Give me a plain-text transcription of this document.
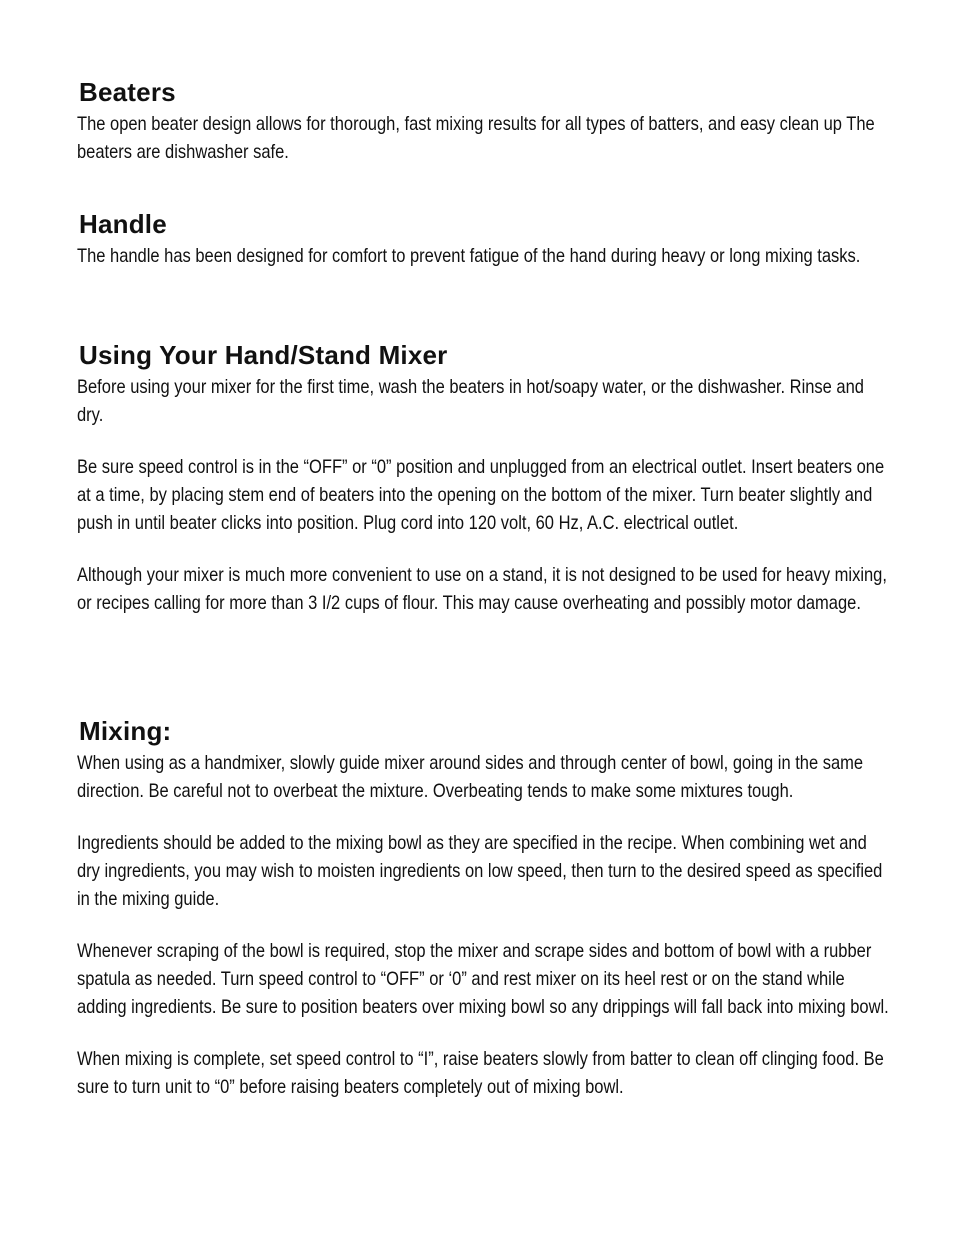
Beaters

The open beater design allows for thorough, fast mixing results for all types of batters, and easy clean up The beaters are dishwasher safe.

Handle

The handle has been designed for comfort to prevent fatigue of the hand during heavy or long mixing tasks.

Using Your Hand/Stand Mixer

Before using your mixer for the first time, wash the beaters in hot/soapy water, or the dishwasher. Rinse and dry.

Be sure speed control is in the “OFF” or “0” position and unplugged from an electrical outlet. Insert beaters one at a time, by placing stem end of beaters into the opening on the bottom of the mixer. Turn beater slightly and push in until beater clicks into position. Plug cord into 120 volt, 60 Hz, A.C. electrical outlet.

Although your mixer is much more convenient to use on a stand, it is not designed to be used for heavy mixing, or recipes calling for more than 3 I/2 cups of flour. This may cause overheating and possibly motor damage.

Mixing:

When using as a handmixer, slowly guide mixer around sides and through center of bowl, going in the same direction. Be careful not to overbeat the mixture. Overbeating tends to make some mixtures tough.

Ingredients should be added to the mixing bowl as they are specified in the recipe. When combining wet and dry ingredients, you may wish to moisten ingredients on low speed, then turn to the desired speed as specified in the mixing guide.

Whenever scraping of the bowl is required, stop the mixer and scrape sides and bottom of bowl with a rubber spatula as needed. Turn speed control to “OFF” or ‘0” and rest mixer on its heel rest or on the stand while adding ingredients. Be sure to position beaters over mixing bowl so any drippings will fall back into mixing bowl.

When mixing is complete, set speed control to “I”, raise beaters slowly from batter to clean off clinging food. Be sure to turn unit to “0” before raising beaters completely out of mixing bowl.
